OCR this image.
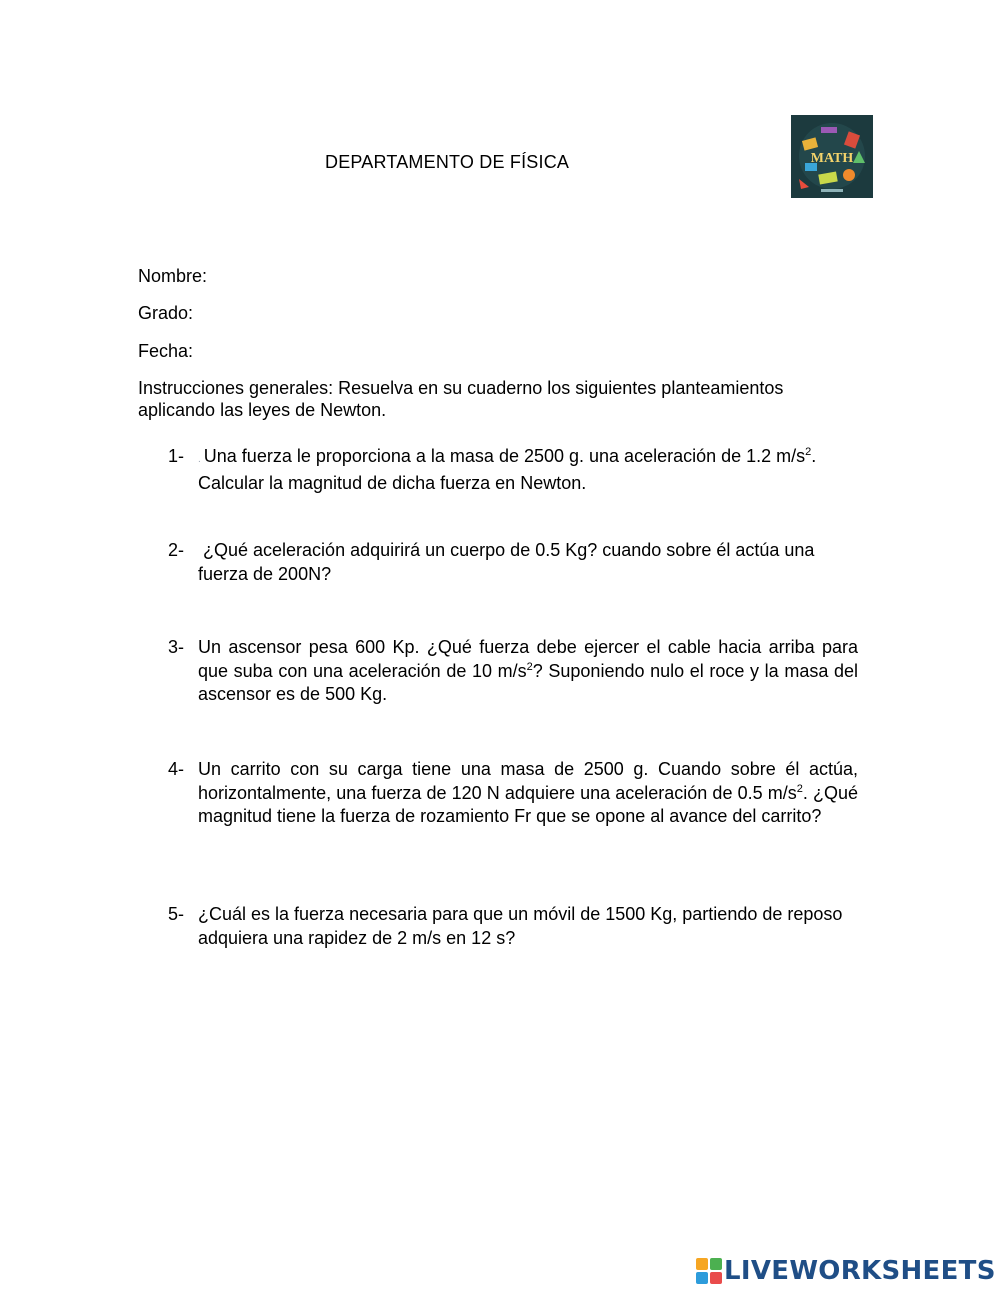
DEPARTAMENTO DE FÍSICA	MATH
Nombre:
Grado:
Fecha:
Instrucciones generales: Resuelva en su cuaderno los siguientes planteamientos aplicando las leyes de Newton.
1- . Una fuerza le proporciona a la masa de 2500 g. una aceleración de 1.2 $m/s^2$. Calcular la magnitud de dicha fuerza en Newton.
2- ¿Qué aceleración adquirirá un cuerpo de 0.5 Kg? cuando sobre él actúa una fuerza de 200N?
3- Un ascensor pesa 600 Kp. ¿Qué fuerza debe ejercer el cable hacia arriba para que suba con una aceleración de 10 $m/s^2$? Suponiendo nulo el roce y la masa del ascensor es de 500 Kg.
4- Un carrito con su carga tiene una masa de 2500 g. Cuando sobre él actúa, horizontalmente, una fuerza de 120 N adquiere una aceleración de 0.5 $m/s^2$. ¿Qué magnitud tiene la fuerza de rozamiento Fr que se opone al avance del carrito?
5- ¿Cuál es la fuerza necesaria para que un móvil de 1500 Kg, partiendo de reposo adquiera una rapidez de 2 m/s en 12 s?
LIVEWORKSHEETS
